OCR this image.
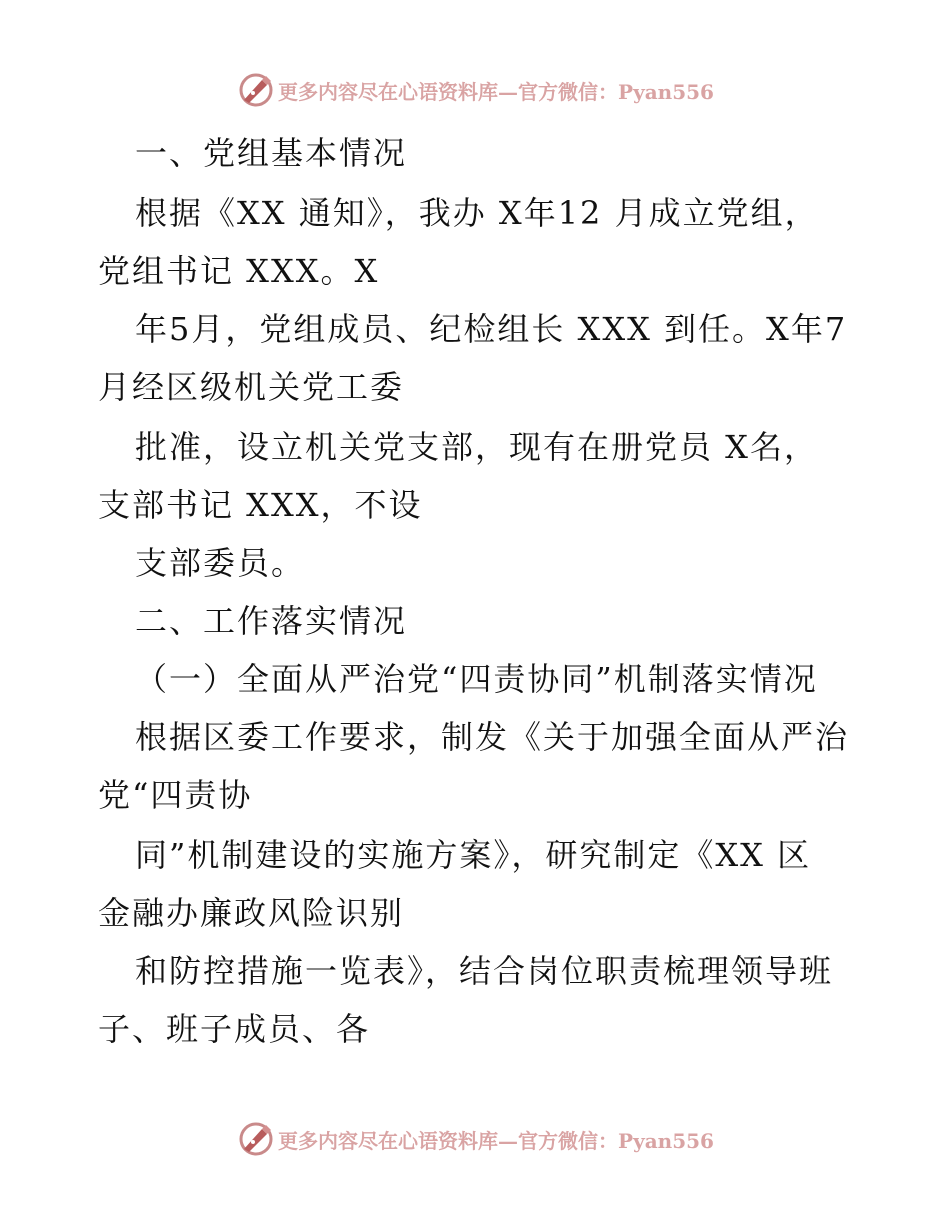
更多内容尽在心语资料库—官方微信：Pyan556
一、党组基本情况
根据《XX 通知》，我办 X年12 月成立党组，
党组书记 XXX。X
年5月，党组成员、纪检组长 XXX 到任。X年7
月经区级机关党工委
批准，设立机关党支部，现有在册党员 X名，
支部书记 XXX，不设
支部委员。
二、工作落实情况
（一）全面从严治党“四责协同”机制落实情况
根据区委工作要求，制发《关于加强全面从严治
党“四责协
同”机制建设的实施方案》，研究制定《XX 区
金融办廉政风险识别
和防控措施一览表》，结合岗位职责梳理领导班
子、班子成员、各
更多内容尽在心语资料库—官方微信：Pyan556
